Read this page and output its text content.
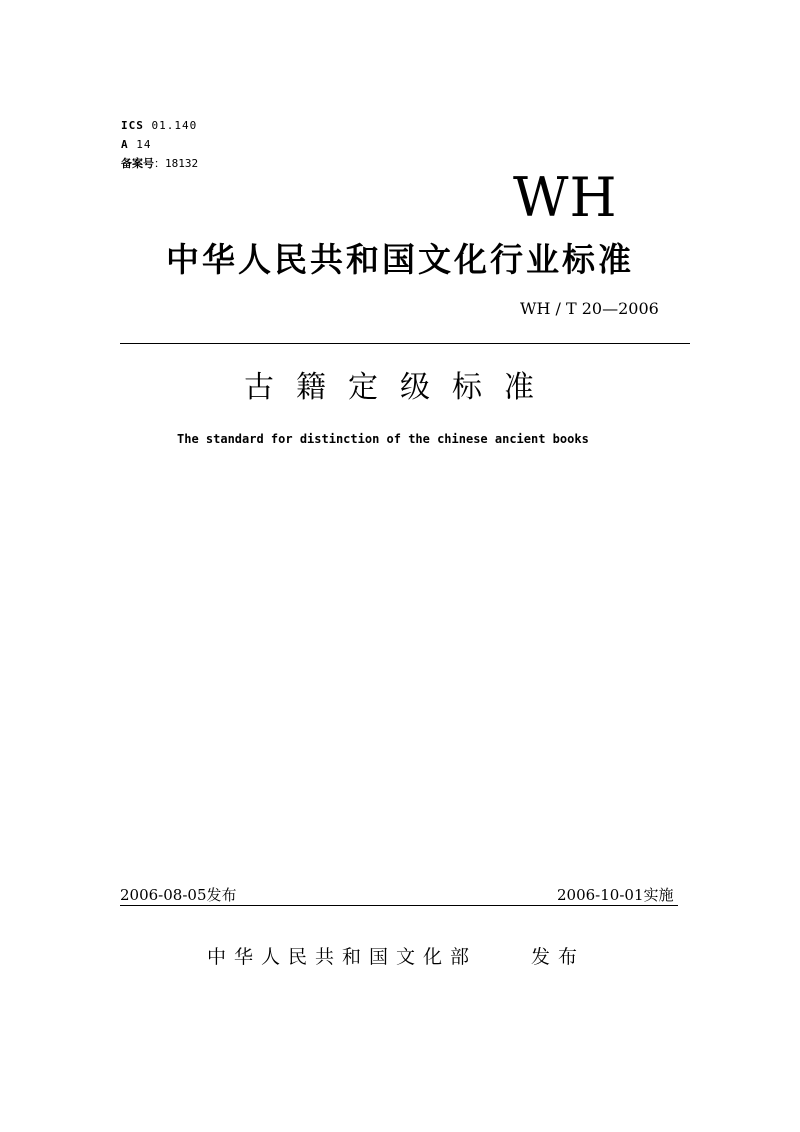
ICS 01.140
A 14
备案号：18132
WH
中华人民共和国文化行业标准
WH / T 20—2006
古籍定级标准
The standard for distinction of the chinese ancient books
2006-08-05发布	2006-10-01实施
中华人民共和国文化部	发布
